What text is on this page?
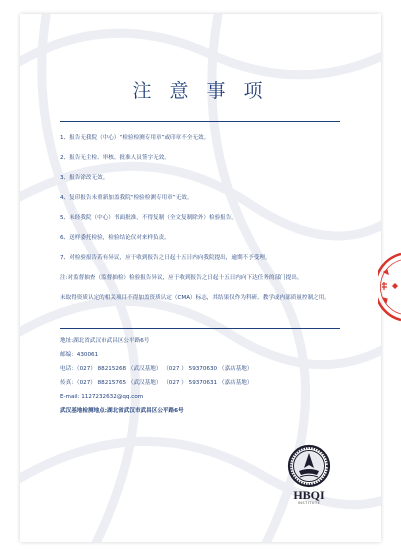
注 意 事 项
1、报告无我院（中心）“检验检测专用章”或印章不全无效。
2、报告无主检、审核、批准人员签字无效。
3、报告涂改无效。
4、复印报告未重新加盖我院“检验检测专用章”无效。
5、未经我院（中心）书面批准，不得复制（全文复制除外）检验报告。
6、送样委托检验，检验结论仅对来样负责。
7、对检验报告若有异议，应于收到报告之日起十五日内向我院提出，逾期不予受理。
注:对监督抽查（监督抽检）检验报告异议，应于收到报告之日起十五日内向下达任务的部门提出。
未取得资质认定的相关项目不得加盖资质认定（CMA）标志，其结果仅作为科研、教学或内部质量控制之用。
地址:湖北省武汉市武昌区公平路6号
邮编：430061
电话：（027） 88215268 （武汉基地） （027 ） 59370630 （嘉店基地）
传真：（027） 88215765 （武汉基地） （027 ） 59370631 （嘉店基地）
E-mail: 1127232632@qq.com
武汉基地检测地点:湖北省武汉市武昌区公平路6号
HBQI
INSTITUTE
